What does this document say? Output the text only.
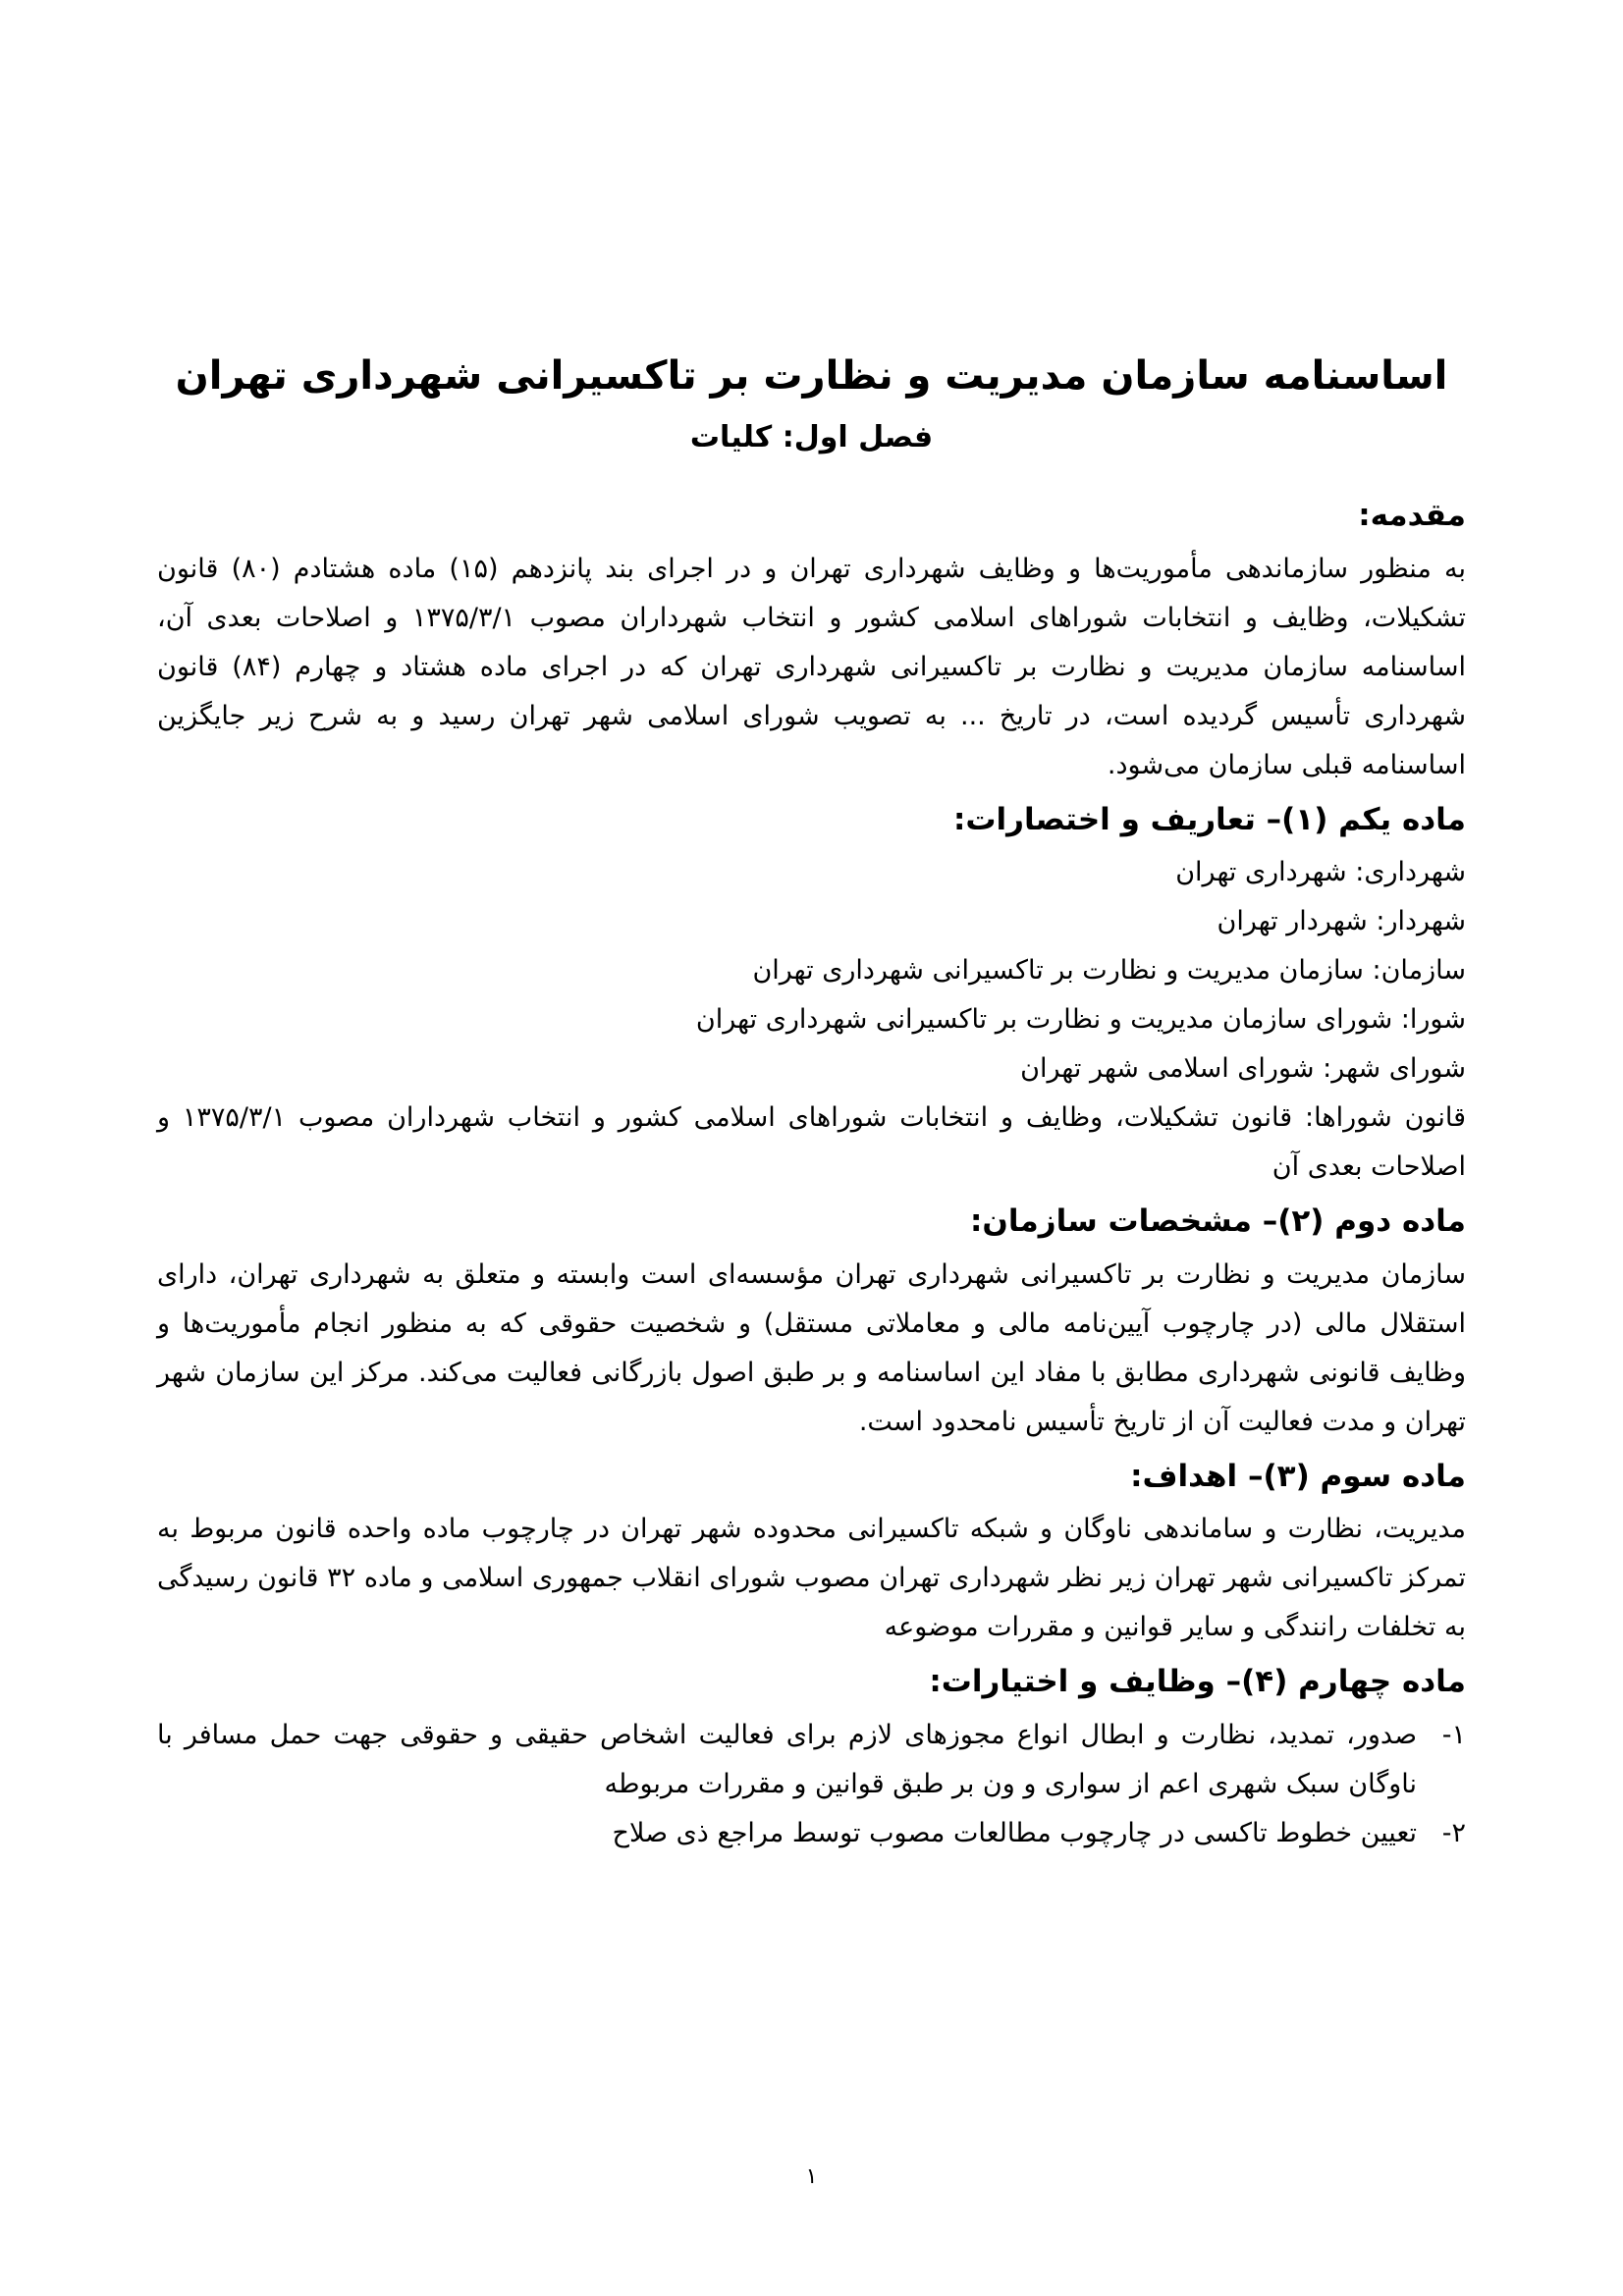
اساسنامه سازمان مدیریت و نظارت بر تاکسیرانی شهرداری تهران
فصل اول: کلیات
مقدمه:

به منظور سازماندهی مأموریت‌ها و وظایف شهرداری تهران و در اجرای بند پانزدهم (۱۵) ماده هشتادم (۸۰) قانون تشکیلات، وظایف و انتخابات شوراهای اسلامی کشور و انتخاب شهرداران مصوب ۱۳۷۵/۳/۱ و اصلاحات بعدی آن، اساسنامه سازمان مدیریت و نظارت بر تاکسیرانی شهرداری تهران که در اجرای ماده هشتاد و چهارم (۸۴) قانون شهرداری تأسیس گردیده است، در تاریخ ... به تصویب شورای اسلامی شهر تهران رسید و به شرح زیر جایگزین اساسنامه قبلی سازمان می‌شود.

ماده یکم (۱)– تعاریف و اختصارات:

شهرداری: شهرداری تهران

شهردار: شهردار تهران

سازمان: سازمان مدیریت و نظارت بر تاکسیرانی شهرداری تهران

شورا: شورای سازمان مدیریت و نظارت بر تاکسیرانی شهرداری تهران

شورای شهر: شورای اسلامی شهر تهران

قانون شوراها: قانون تشکیلات، وظایف و انتخابات شوراهای اسلامی کشور و انتخاب شهرداران مصوب ۱۳۷۵/۳/۱ و اصلاحات بعدی آن

ماده دوم (۲)– مشخصات سازمان:

سازمان مدیریت و نظارت بر تاکسیرانی شهرداری تهران مؤسسه‌ای است وابسته و متعلق به شهرداری تهران، دارای استقلال مالی (در چارچوب آیین‌نامه مالی و معاملاتی مستقل) و شخصیت حقوقی که به منظور انجام مأموریت‌ها و وظایف قانونی شهرداری مطابق با مفاد این اساسنامه و بر طبق اصول بازرگانی فعالیت می‌کند. مرکز این سازمان شهر تهران و مدت فعالیت آن از تاریخ تأسیس نامحدود است.

ماده سوم (۳)– اهداف:

مدیریت، نظارت و ساماندهی ناوگان و شبکه تاکسیرانی محدوده شهر تهران در چارچوب ماده واحده قانون مربوط به تمرکز تاکسیرانی شهر تهران زیر نظر شهرداری تهران مصوب شورای انقلاب جمهوری اسلامی و ماده ۳۲ قانون رسیدگی به تخلفات رانندگی و سایر قوانین و مقررات موضوعه

ماده چهارم (۴)– وظایف و اختیارات:
۱-
صدور، تمدید، نظارت و ابطال انواع مجوزهای لازم برای فعالیت اشخاص حقیقی و حقوقی جهت حمل مسافر با ناوگان سبک شهری اعم از سواری و ون بر طبق قوانین و مقررات مربوطه
۲-
تعیین خطوط تاکسی در چارچوب مطالعات مصوب توسط مراجع ذی صلاح
۱
